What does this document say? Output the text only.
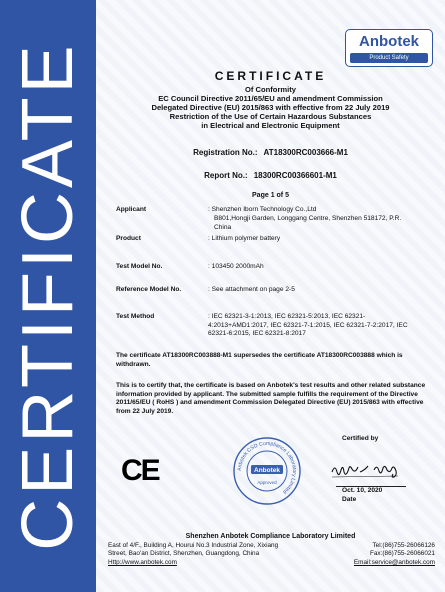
CERTIFICATE	Anbotek
Product Safety
CERTIFICATE
Of Conformity
EC Council Directive 2011/65/EU and amendment Commission
Delegated Directive (EU) 2015/863 with effective from 22 July 2019
Restriction of the Use of Certain Hazardous Substances
in Electrical and Electronic Equipment
Registration No.: AT18300RC003666-M1
Report No.: 18300RC00366601-M1
Page 1 of 5
Applicant	: Shenzhen Iborn Technology Co.,Ltd
B801,Hongji Garden, Longgang Centre, Shenzhen 518172, P.R. China
Product	: Lithium polymer battery
Test Model No.	: 103450 2000mAh
Reference Model No.	: See attachment on page 2-5
Test Method	: IEC 62321-3-1:2013, IEC 62321-5:2013, IEC 62321-4:2013+AMD1:2017, IEC 62321-7-1:2015, IEC 62321-7-2:2017, IEC 62321-6:2015, IEC 62321-8:2017
The certificate AT18300RC003888-M1 supersedes the certificate AT18300RC003888 which is withdrawn.
This is to certify that, the certificate is based on Anbotek's test results and other related substance information provided by applicant. The submitted sample fulfills the requirement of the Directive 2011/65/EU ( RoHS ) and amendment Commission Delegated Directive (EU) 2015/863 with effective from 22 July 2019.
CE	Anbotek CSD Compliance Laboratory Limited
Anbotek
Approved
Certified by
Oct. 10, 2020
Date
Shenzhen Anbotek Compliance Laboratory Limited
East of 4/F., Building A, Hourui No.3 Industrial Zone, Xixiang	Tel:(86)755-26066126
Street, Bao'an District, Shenzhen, Guangdong, China	Fax:(86)755-26066021
Http://www.anbotek.com	Email:service@anbotek.com
